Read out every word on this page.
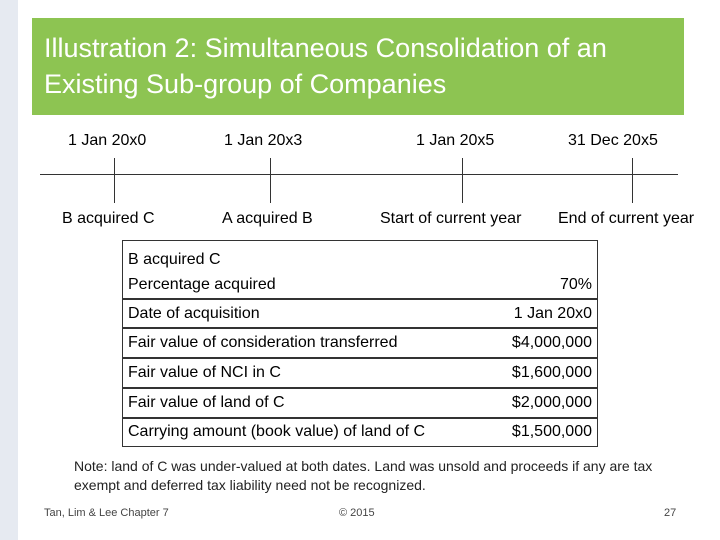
Illustration 2: Simultaneous Consolidation of an Existing Sub-group of Companies
1 Jan 20x0	1 Jan 20x3	1 Jan 20x5	31 Dec 20x5
B acquired C	A acquired B	Start of current year End of current year
B acquired C
Percentage acquired	70%
Date of acquisition	1 Jan 20x0
Fair value of consideration transferred	$4,000,000
Fair value of NCI in C	$1,600,000
Fair value of land of C	$2,000,000
Carrying amount (book value) of land of C	$1,500,000
Note: land of C was under-valued at both dates. Land was unsold and proceeds if any are tax exempt and deferred tax liability need not be recognized.
Tan, Lim & Lee Chapter 7	© 2015	27
